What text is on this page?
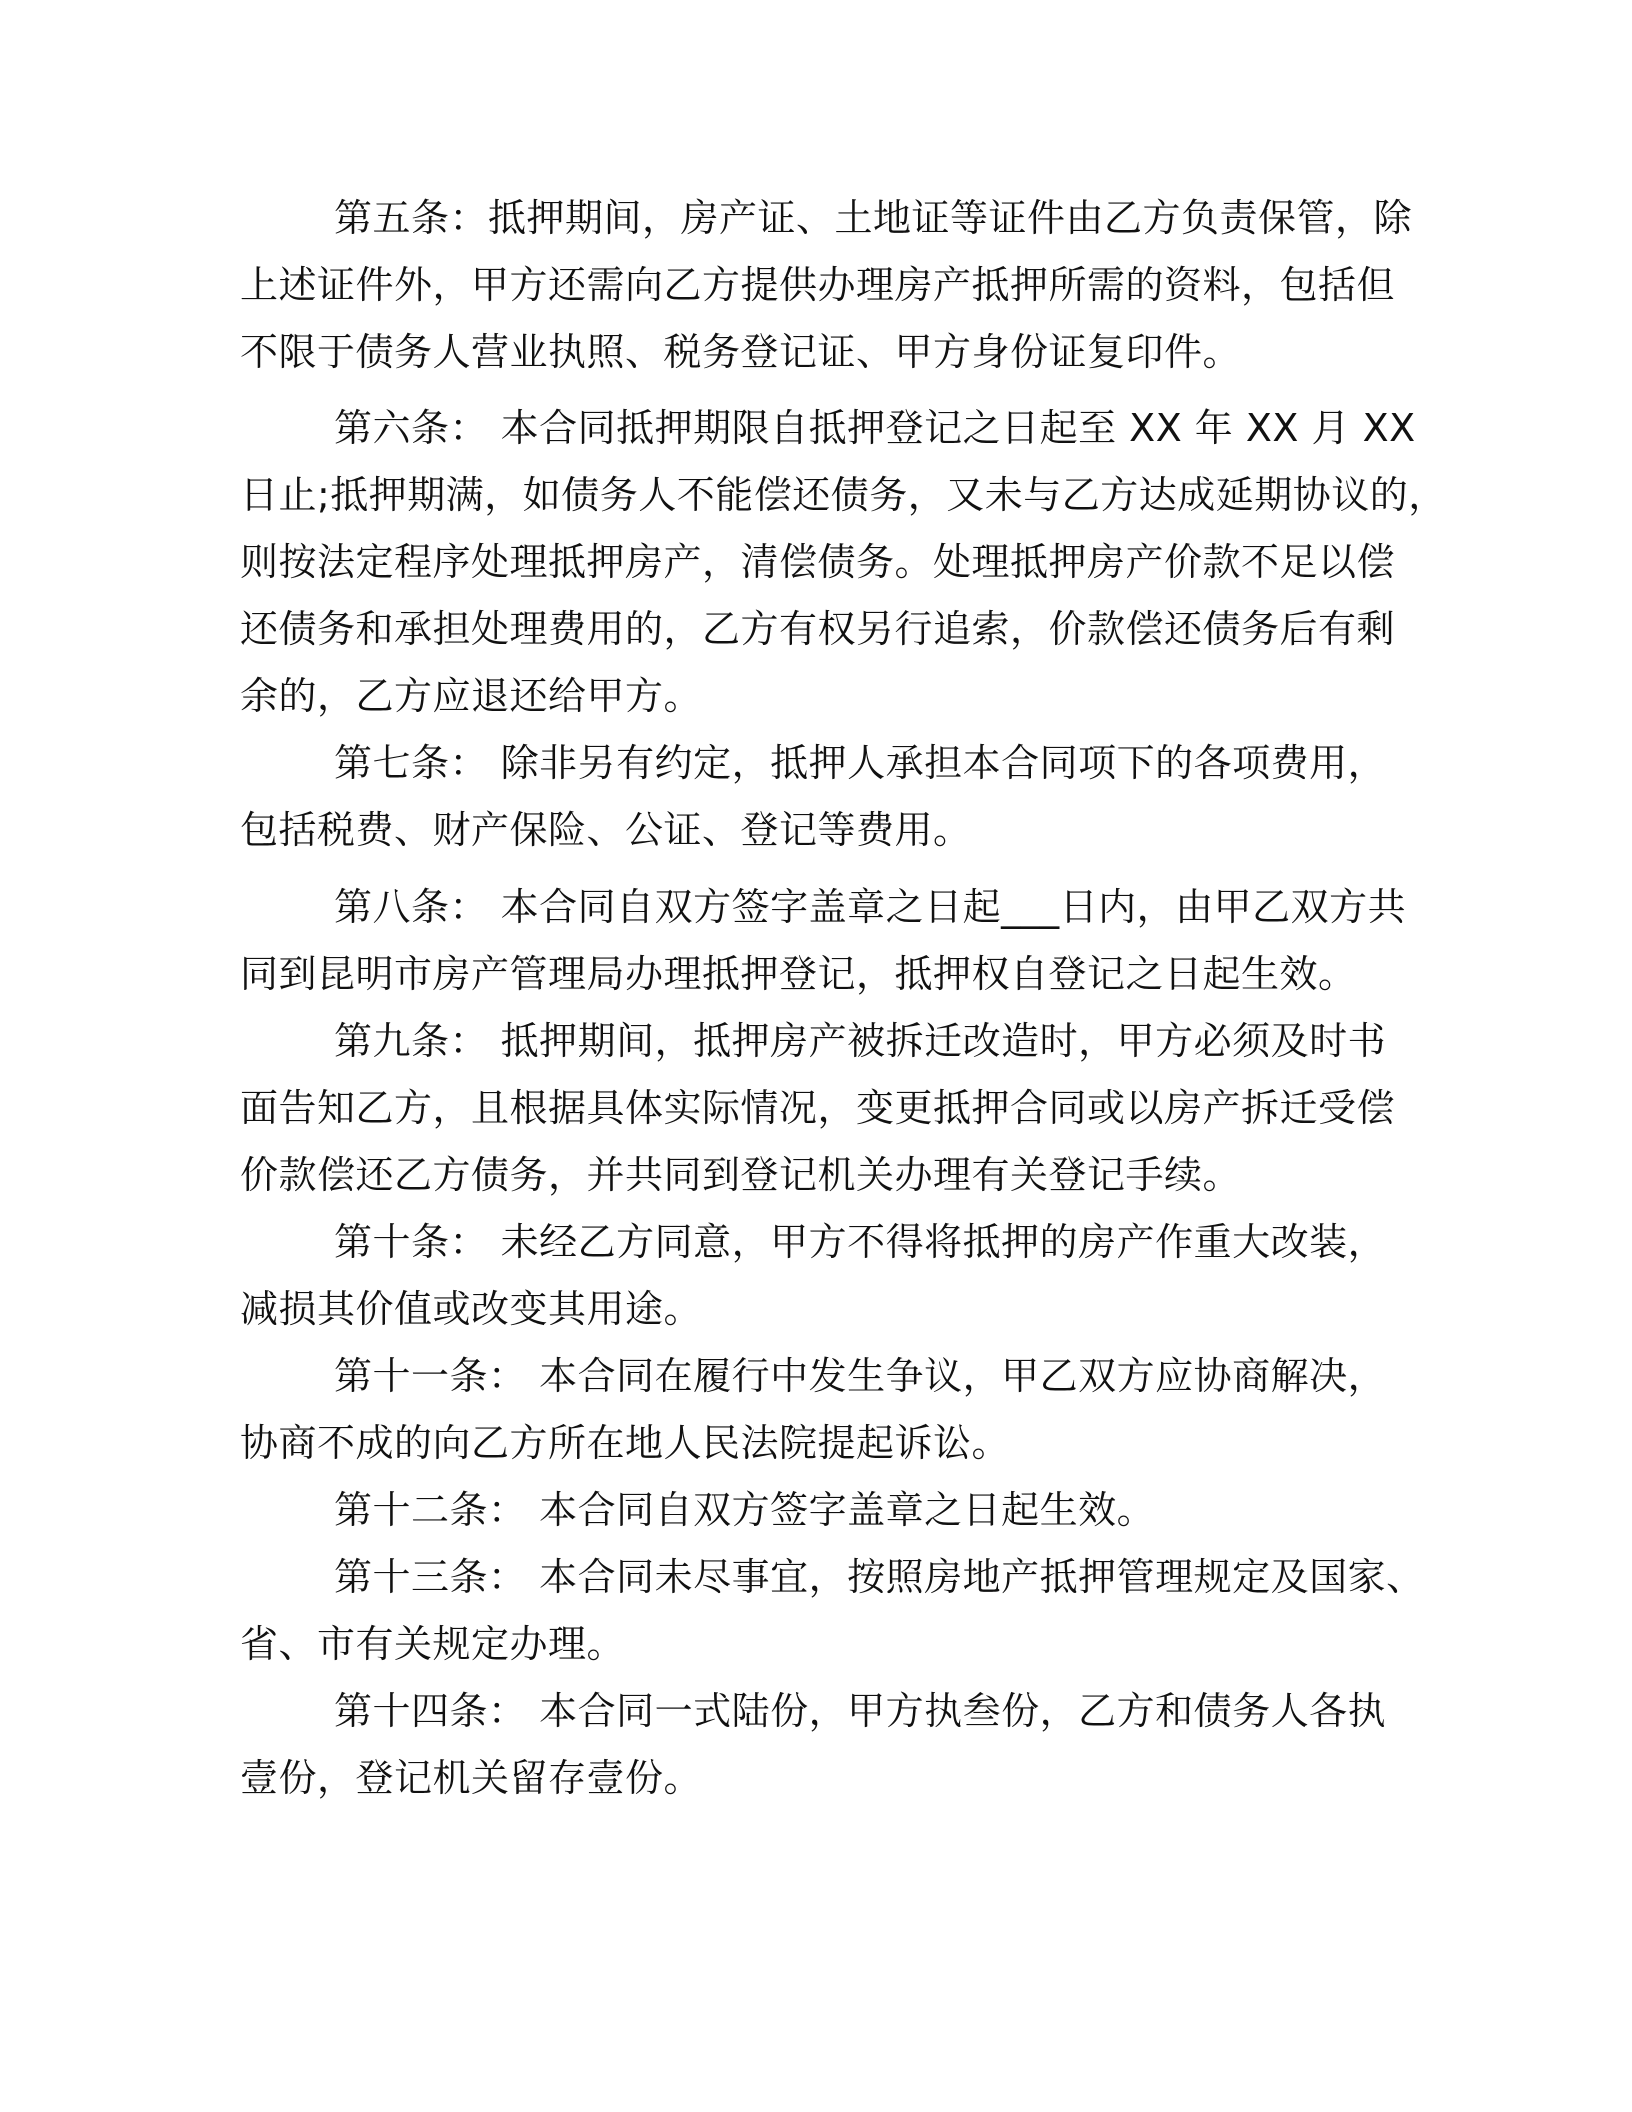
第五条：抵押期间，房产证、土地证等证件由乙方负责保管，除
上述证件外，甲方还需向乙方提供办理房产抵押所需的资料，包括但
不限于债务人营业执照、税务登记证、甲方身份证复印件。
第六条： 本合同抵押期限自抵押登记之日起至 XX 年 XX 月 XX
日止;抵押期满，如债务人不能偿还债务，又未与乙方达成延期协议的，
则按法定程序处理抵押房产，清偿债务。处理抵押房产价款不足以偿
还债务和承担处理费用的，乙方有权另行追索，价款偿还债务后有剩
余的，乙方应退还给甲方。
第七条： 除非另有约定，抵押人承担本合同项下的各项费用，
包括税费、财产保险、公证、登记等费用。
第八条： 本合同自双方签字盖章之日起___日内，由甲乙双方共
同到昆明市房产管理局办理抵押登记，抵押权自登记之日起生效。
第九条： 抵押期间，抵押房产被拆迁改造时，甲方必须及时书
面告知乙方，且根据具体实际情况，变更抵押合同或以房产拆迁受偿
价款偿还乙方债务，并共同到登记机关办理有关登记手续。
第十条： 未经乙方同意，甲方不得将抵押的房产作重大改装，
减损其价值或改变其用途。
第十一条： 本合同在履行中发生争议，甲乙双方应协商解决，
协商不成的向乙方所在地人民法院提起诉讼。
第十二条： 本合同自双方签字盖章之日起生效。
第十三条： 本合同未尽事宜，按照房地产抵押管理规定及国家、
省、市有关规定办理。
第十四条： 本合同一式陆份，甲方执叁份，乙方和债务人各执
壹份，登记机关留存壹份。
